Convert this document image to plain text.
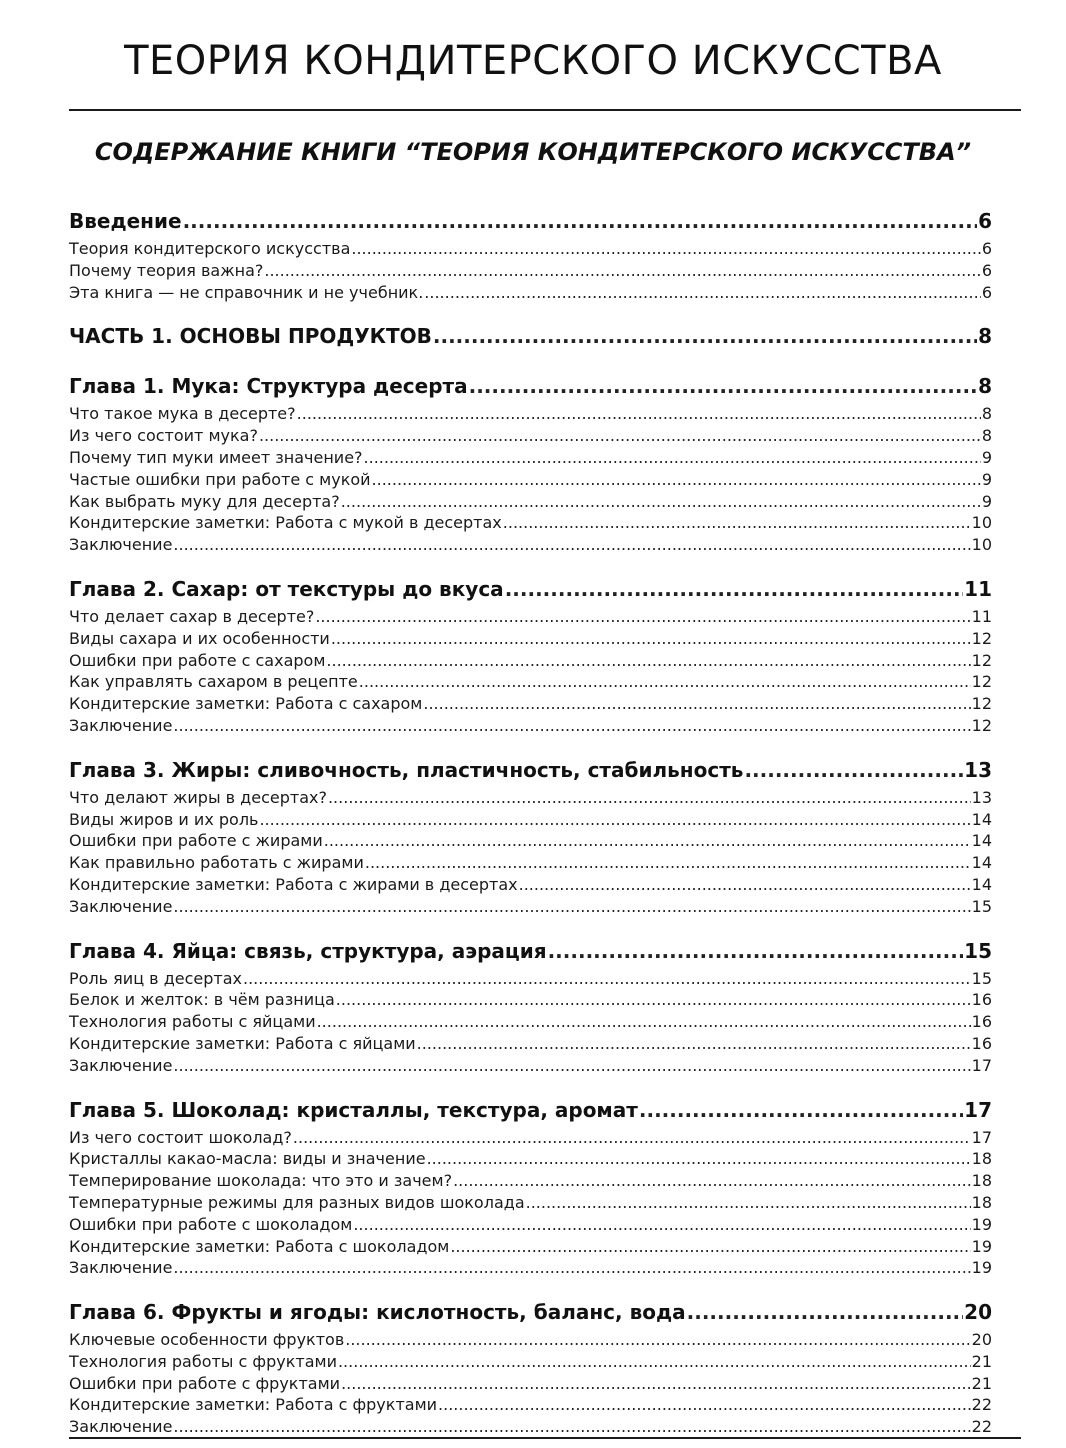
ТЕОРИЯ КОНДИТЕРСКОГО ИСКУССТВА
СОДЕРЖАНИЕ КНИГИ “ТЕОРИЯ КОНДИТЕРСКОГО ИСКУССТВА”
Введение .....	6
Теория кондитерского искусства .....	6
Почему теория важна? .....	6
Эта книга — не справочник и не учебник. .....	6
ЧАСТЬ 1. ОСНОВЫ ПРОДУКТОВ .....	8
Глава 1. Мука: Структура десерта .....	8
Что такое мука в десерте? .....	8
Из чего состоит мука? .....	8
Почему тип муки имеет значение? .....	9
Частые ошибки при работе с мукой .....	9
Как выбрать муку для десерта? .....	9
Кондитерские заметки: Работа с мукой в десертах .....	10
Заключение .....	10
Глава 2. Сахар: от текстуры до вкуса .....	11
Что делает сахар в десерте? .....	11
Виды сахара и их особенности .....	12
Ошибки при работе с сахаром .....	12
Как управлять сахаром в рецепте .....	12
Кондитерские заметки: Работа с сахаром .....	12
Заключение .....	12
Глава 3. Жиры: сливочность, пластичность, стабильность .....	13
Что делают жиры в десертах? .....	13
Виды жиров и их роль .....	14
Ошибки при работе с жирами .....	14
Как правильно работать с жирами .....	14
Кондитерские заметки: Работа с жирами в десертах .....	14
Заключение .....	15
Глава 4. Яйца: связь, структура, аэрация .....	15
Роль яиц в десертах .....	15
Белок и желток: в чём разница .....	16
Технология работы с яйцами .....	16
Кондитерские заметки: Работа с яйцами .....	16
Заключение .....	17
Глава 5. Шоколад: кристаллы, текстура, аромат .....	17
Из чего состоит шоколад? .....	17
Кристаллы какао-масла: виды и значение .....	18
Темперирование шоколада: что это и зачем? .....	18
Температурные режимы для разных видов шоколада .....	18
Ошибки при работе с шоколадом .....	19
Кондитерские заметки: Работа с шоколадом .....	19
Заключение .....	19
Глава 6. Фрукты и ягоды: кислотность, баланс, вода .....	20
Ключевые особенности фруктов .....	20
Технология работы с фруктами .....	21
Ошибки при работе с фруктами .....	21
Кондитерские заметки: Работа с фруктами .....	22
Заключение .....	22
